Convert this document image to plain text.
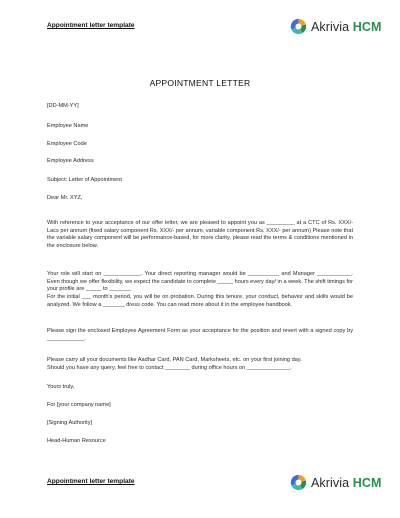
Appointment letter template	Akrivia HCM
APPOINTMENT LETTER
[DD-MM-YY]
Employee Name
Employee Code
Employee Address
Subject: Letter of Appointment
Dear Mr. XYZ,
With reference to your acceptance of our offer letter, we are pleased to appoint you as _________ at a CTC of Rs. XXX/- Lacs per annum (fixed salary component Rs. XXX/- per annum, variable component Rs. XXX/- per annum) Please note that the variable salary component will be performance-based, for more clarity, please read the terms & conditions mentioned in the enclosure below.
Your role will start on ____________. Your direct reporting manager would be __________ and Manager ___________. Even though we offer flexibility, we expect the candidate to complete _____ hours every day/ in a week. The shift timings for your profile are _____ to _______
For the initial ___ month's period, you will be on probation. During this tenure, your conduct, behavior and skills would be analyzed. We follow a _______ dress code. You can read more about it in the employee handbook.
Please sign the enclosed Employee Agreement Form as your acceptance for the position and revert with a signed copy by ____________.
Please carry all your documents like Aadhar Card, PAN Card, Marksheets, etc. on your first joining day.
Should you have any query, feel free to contact ________ during office hours on ______________.
Yours truly,
For [your company name]
[Signing Authority]
Head-Human Resource
Appointment letter template	Akrivia HCM
